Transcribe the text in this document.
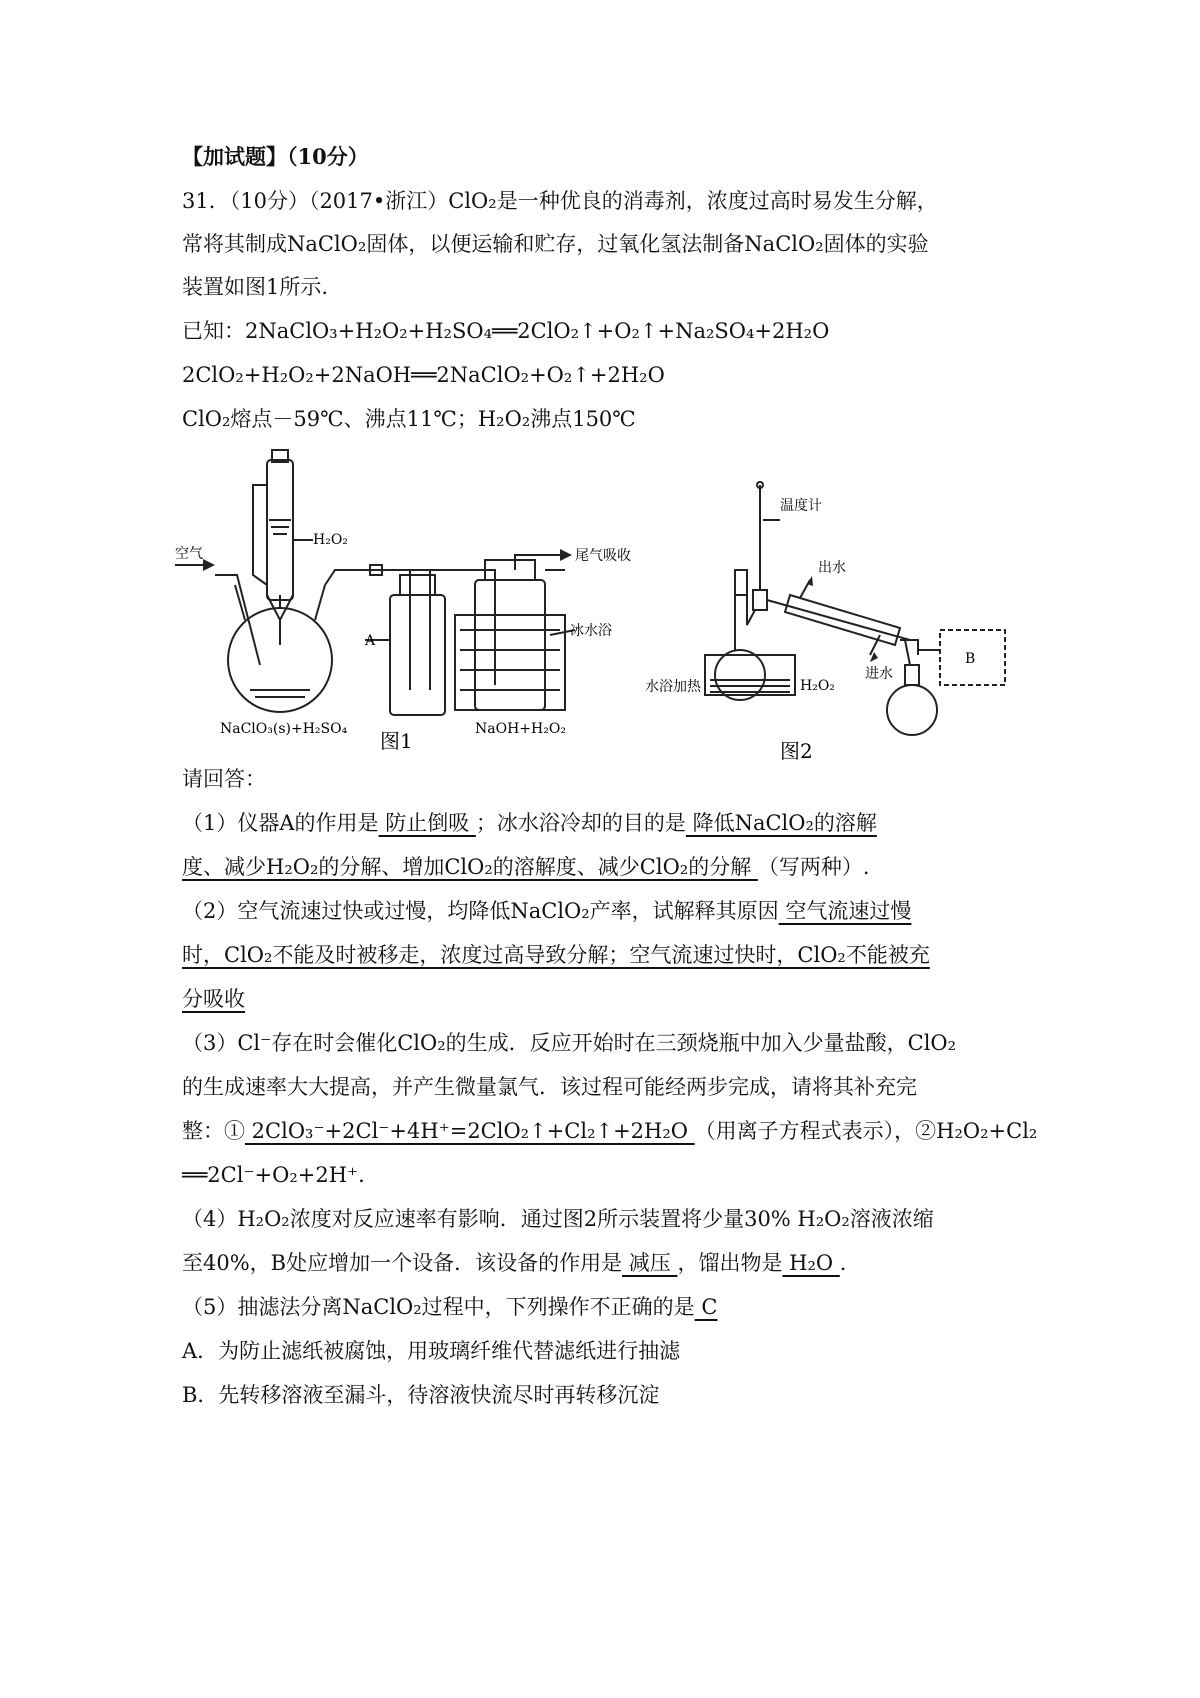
【加试题】（10分）
31．（10分）（2017•浙江）ClO₂是一种优良的消毒剂，浓度过高时易发生分解，
常将其制成NaClO₂固体，以便运输和贮存，过氧化氢法制备NaClO₂固体的实验
装置如图1所示.
已知：2NaClO₃+H₂O₂+H₂SO₄══2ClO₂↑+O₂↑+Na₂SO₄+2H₂O
2ClO₂+H₂O₂+2NaOH══2NaClO₂+O₂↑+2H₂O
ClO₂熔点－59℃、沸点11℃；H₂O₂沸点150℃
H₂O₂
空气	尾气吸收
A
冰水浴
NaClO₃(s)+H₂SO₄	NaOH+H₂O₂
图1
温度计
出水
进水
B
水浴加热	H₂O₂
图2
请回答：
（1）仪器A的作用是 防止倒吸 ；冰水浴冷却的目的是 降低NaClO₂的溶解
度、减少H₂O₂的分解、增加ClO₂的溶解度、减少ClO₂的分解 （写两种）.
（2）空气流速过快或过慢，均降低NaClO₂产率，试解释其原因 空气流速过慢
时，ClO₂不能及时被移走，浓度过高导致分解；空气流速过快时，ClO₂不能被充
分吸收
（3）Cl⁻存在时会催化ClO₂的生成．反应开始时在三颈烧瓶中加入少量盐酸，ClO₂
的生成速率大大提高，并产生微量氯气．该过程可能经两步完成，请将其补充完
整：① 2ClO₃⁻+2Cl⁻+4H⁺=2ClO₂↑+Cl₂↑+2H₂O （用离子方程式表示），②H₂O₂+Cl₂
══2Cl⁻+O₂+2H⁺.
（4）H₂O₂浓度对反应速率有影响．通过图2所示装置将少量30% H₂O₂溶液浓缩
至40%，B处应增加一个设备．该设备的作用是 减压 ，馏出物是 H₂O .
（5）抽滤法分离NaClO₂过程中，下列操作不正确的是 C
A．为防止滤纸被腐蚀，用玻璃纤维代替滤纸进行抽滤
B．先转移溶液至漏斗，待溶液快流尽时再转移沉淀
